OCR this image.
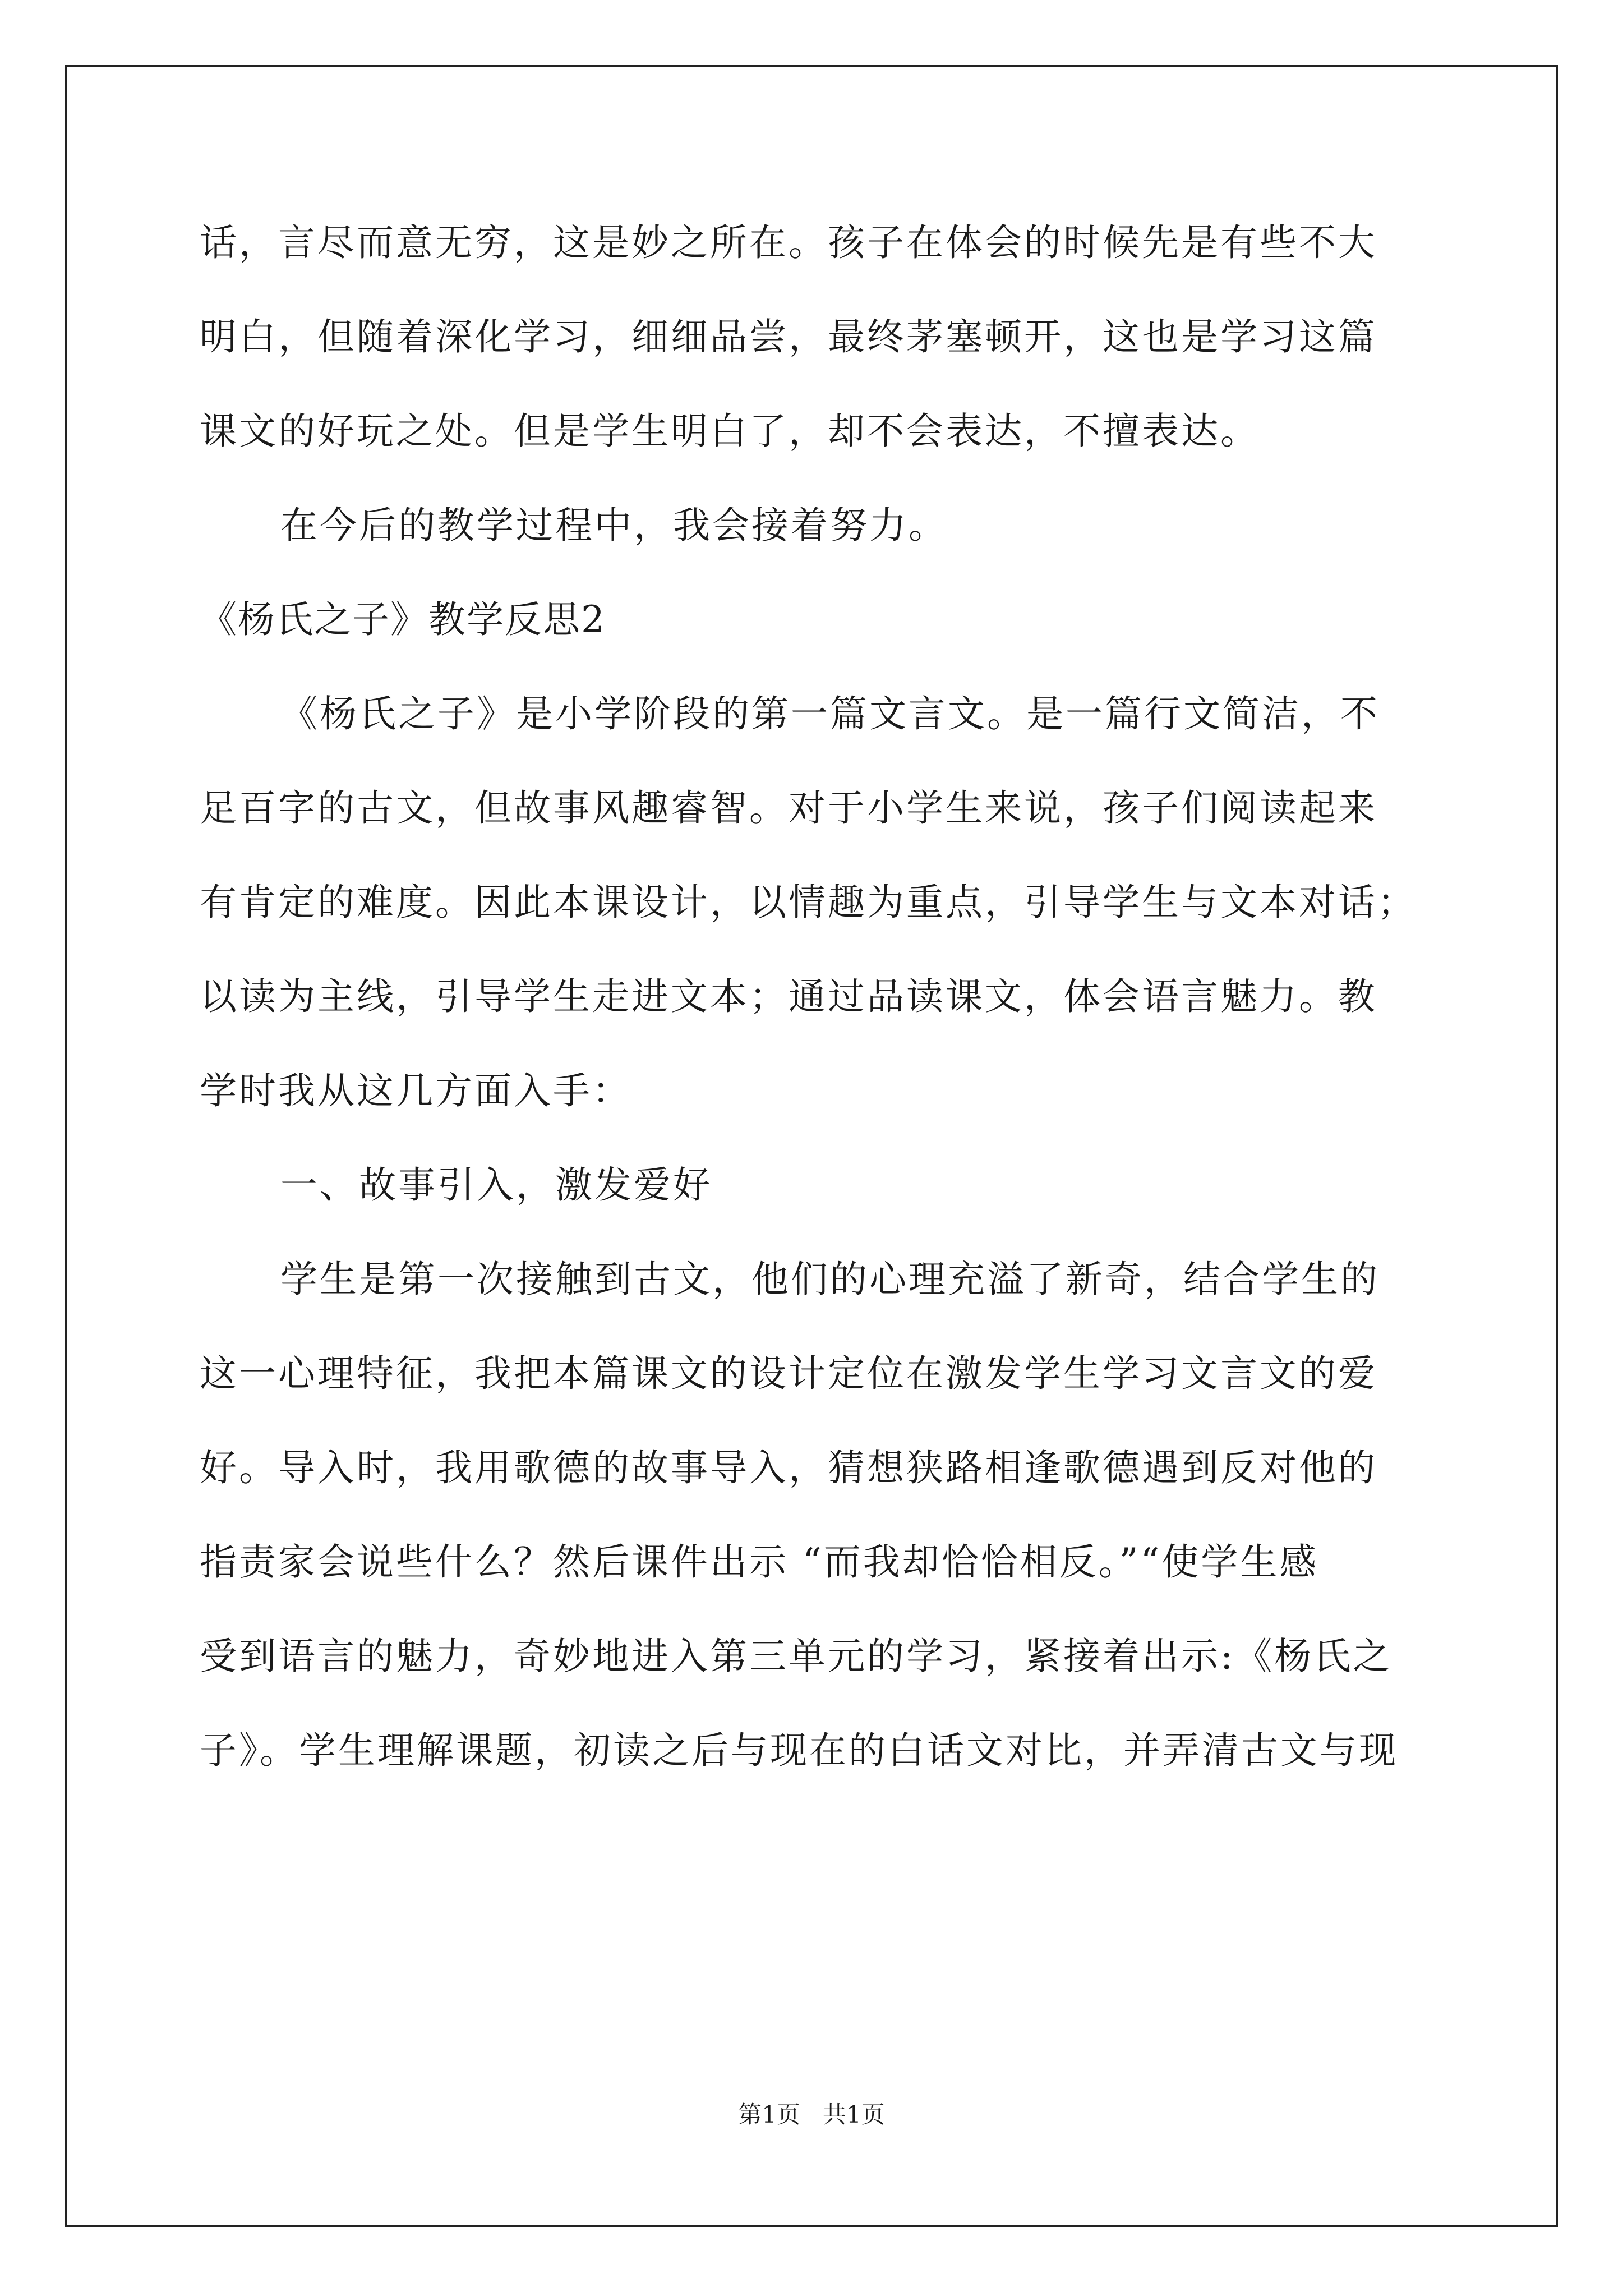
话，言尽而意无穷，这是妙之所在。孩子在体会的时候先是有些不大
明白，但随着深化学习，细细品尝，最终茅塞顿开，这也是学习这篇
课文的好玩之处。但是学生明白了，却不会表达，不擅表达。
在今后的教学过程中，我会接着努力。
《杨氏之子》教学反思2
《杨氏之子》是小学阶段的第一篇文言文。是一篇行文简洁，不
足百字的古文，但故事风趣睿智。对于小学生来说，孩子们阅读起来
有肯定的难度。因此本课设计，以情趣为重点，引导学生与文本对话；
以读为主线，引导学生走进文本；通过品读课文，体会语言魅力。教
学时我从这几方面入手：
一、故事引入，激发爱好
学生是第一次接触到古文，他们的心理充溢了新奇，结合学生的
这一心理特征，我把本篇课文的设计定位在激发学生学习文言文的爱
好。导入时，我用歌德的故事导入，猜想狭路相逢歌德遇到反对他的
指责家会说些什么？然后课件出示 “而我却恰恰相反。”“使学生感
受到语言的魅力，奇妙地进入第三单元的学习，紧接着出示:《杨氏之
子》。学生理解课题，初读之后与现在的白话文对比，并弄清古文与现
第1页 共1页
